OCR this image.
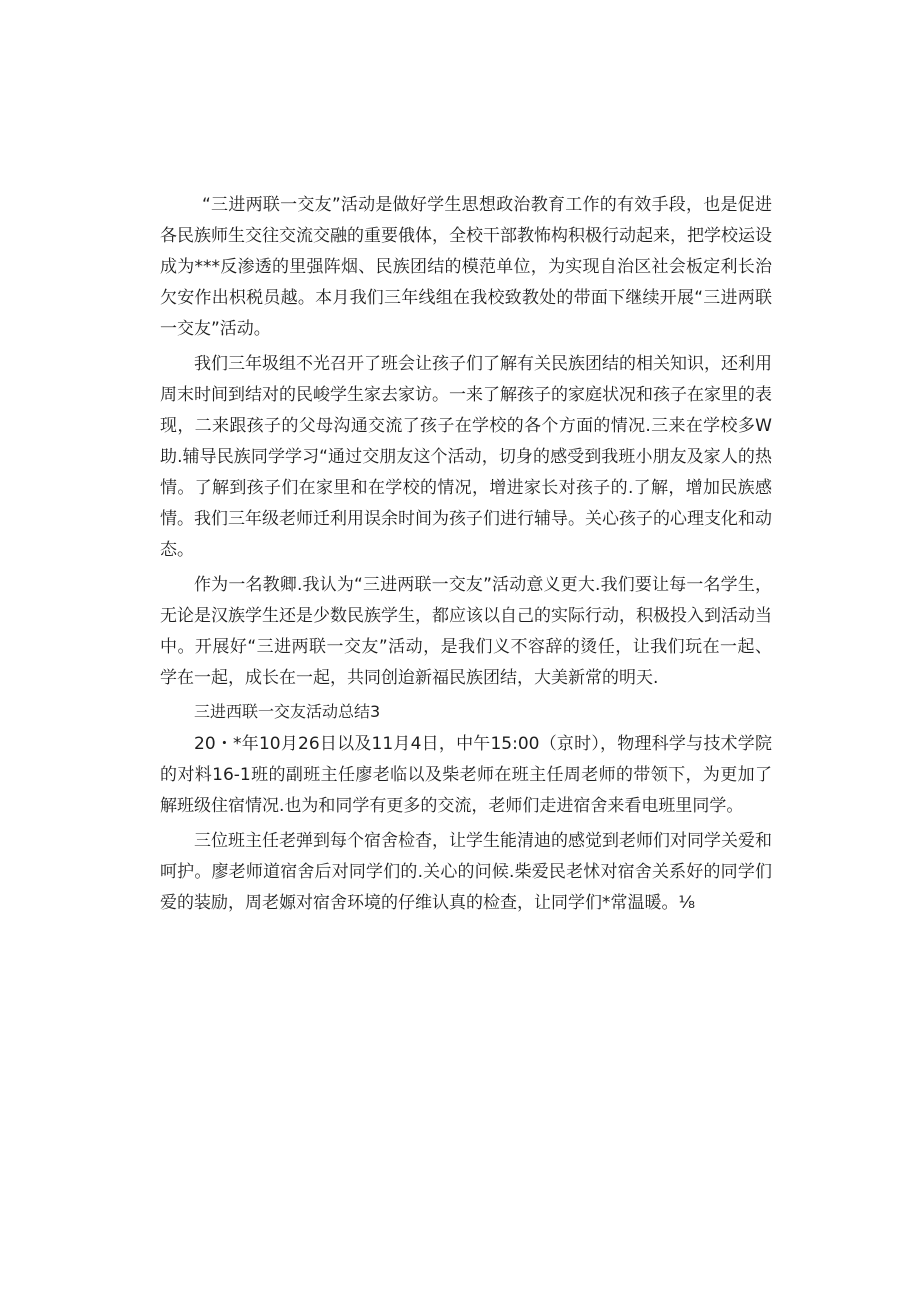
“三进两联一交友”活动是做好学生思想政治教育工作的有效手段，也是促进各民族师生交往交流交融的重要俄体，全校干部教怖构积极行动起来，把学校运设成为***反渗透的里强阵烟、民族团结的模范单位，为实现自治区社会板定利长治欠安作出枳税员越。本月我们三年线组在我校致教处的带面下继续开展“三进两联一交友”活动。

我们三年圾组不光召开了班会让孩子们了解有关民族团结的相关知识，还利用周末时间到结对的民峻学生家去家访。一来了解孩子的家庭状况和孩子在家里的表现，二来跟孩子的父母沟通交流了孩子在学校的各个方面的情况.三来在学校多W助.辅导民族同学学习“通过交朋友这个活动，切身的感受到我班小朋友及家人的热情。了解到孩子们在家里和在学校的情况，增进家长对孩子的.了解，增加民族感情。我们三年级老师迁利用误余时间为孩子们进行辅导。关心孩子的心理支化和动态。

作为一名教卿.我认为“三进两联一交友”活动意义更大.我们要让每一名学生，无论是汉族学生还是少数民族学生，都应该以自己的实际行动，积极投入到活动当中。开展好“三进两联一交友”活动，是我们义不容辞的烫任，让我们玩在一起、学在一起，成长在一起，共同创迨新福民族团结，大美新常的明天.

三进西联一交友活动总结3

20・*年10月26日以及11月4日，中午15:00（京时），物理科学与技术学院的对料16-1班的副班主任廖老临以及柴老师在班主任周老师的带领下，为更加了解班级住宿情况.也为和同学有更多的交流，老师们走进宿舍来看电班里同学。

三位班主任老弹到每个宿舍检杳，让学生能清迪的感觉到老师们对同学关爱和呵护。廖老师道宿舍后对同学们的.关心的问候.柴爱民老怵对宿舍关系好的同学们爱的装励，周老嫄对宿舍环境的仔维认真的检查，让同学们*常温暖。⅛
